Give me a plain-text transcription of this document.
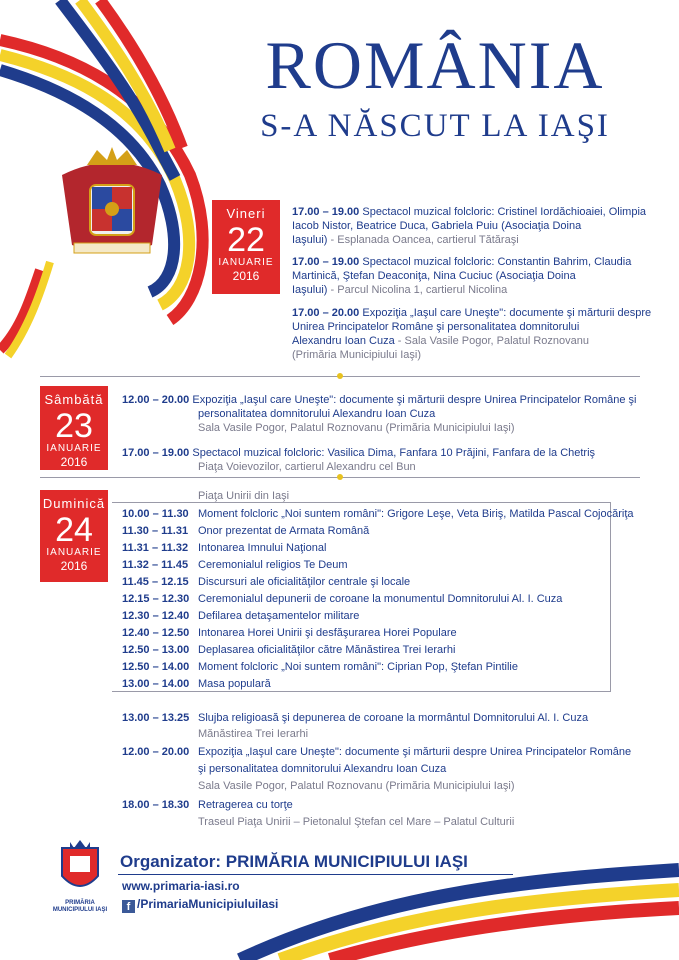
ROMÂNIA
S-A NĂSCUT LA IAŞI
Vineri
22
IANUARIE
2016
17.00 – 19.00 Spectacol muzical folcloric: Cristinel Iordăchioaiei, Olimpia
Iacob Nistor, Beatrice Duca, Gabriela Puiu (Asociaţia Doina
Iaşului) - Esplanada Oancea, cartierul Tătăraşi
17.00 – 19.00 Spectacol muzical folcloric: Constantin Bahrim, Claudia
Martinică, Ştefan Deaconiţa, Nina Cuciuc (Asociaţia Doina
Iaşului) - Parcul Nicolina 1, cartierul Nicolina
17.00 – 20.00 Expoziţia „Iaşul care Uneşte": documente şi mărturii despre
Unirea Principatelor Române şi personalitatea domnitorului
Alexandru Ioan Cuza - Sala Vasile Pogor, Palatul Roznovanu
(Primăria Municipiului Iaşi)
Sâmbătă
23
IANUARIE
2016
12.00 – 20.00 Expoziţia „Iaşul care Uneşte": documente şi mărturii despre Unirea Principatelor Române şi
personalitatea domnitorului Alexandru Ioan Cuza
Sala Vasile Pogor, Palatul Roznovanu (Primăria Municipiului Iaşi)
17.00 – 19.00 Spectacol muzical folcloric: Vasilica Dima, Fanfara 10 Prăjini, Fanfara de la Chetriş
Piaţa Voievozilor, cartierul Alexandru cel Bun
Duminică
24
IANUARIE
2016
Piaţa Unirii din Iaşi
10.00 – 11.30 Moment folcloric „Noi suntem români": Grigore Leşe, Veta Biriş, Matilda Pascal Cojocăriţa
11.30 – 11.31 Onor prezentat de Armata Română
11.31 – 11.32 Intonarea Imnului Naţional
11.32 – 11.45 Ceremonialul religios Te Deum
11.45 – 12.15 Discursuri ale oficialităţilor centrale şi locale
12.15 – 12.30 Ceremonialul depunerii de coroane la monumentul Domnitorului Al. I. Cuza
12.30 – 12.40 Defilarea detaşamentelor militare
12.40 – 12.50 Intonarea Horei Unirii şi desfăşurarea Horei Populare
12.50 – 13.00 Deplasarea oficialităţilor către Mănăstirea Trei Ierarhi
12.50 – 14.00 Moment folcloric „Noi suntem români": Ciprian Pop, Ştefan Pintilie
13.00 – 14.00 Masa populară
13.00 – 13.25 Slujba religioasă şi depunerea de coroane la mormântul Domnitorului Al. I. Cuza
Mănăstirea Trei Ierarhi
12.00 – 20.00 Expoziţia „Iaşul care Uneşte": documente şi mărturii despre Unirea Principatelor Române
şi personalitatea domnitorului Alexandru Ioan Cuza
Sala Vasile Pogor, Palatul Roznovanu (Primăria Municipiului Iaşi)
18.00 – 18.30 Retragerea cu torţe
Traseul Piaţa Unirii – Pietonalul Ştefan cel Mare – Palatul Culturii
PRIMĂRIA MUNICIPIULUI IAŞI
Organizator: PRIMĂRIA MUNICIPIULUI IAŞI
www.primaria-iasi.ro
f /PrimariaMunicipiuluiIasi
